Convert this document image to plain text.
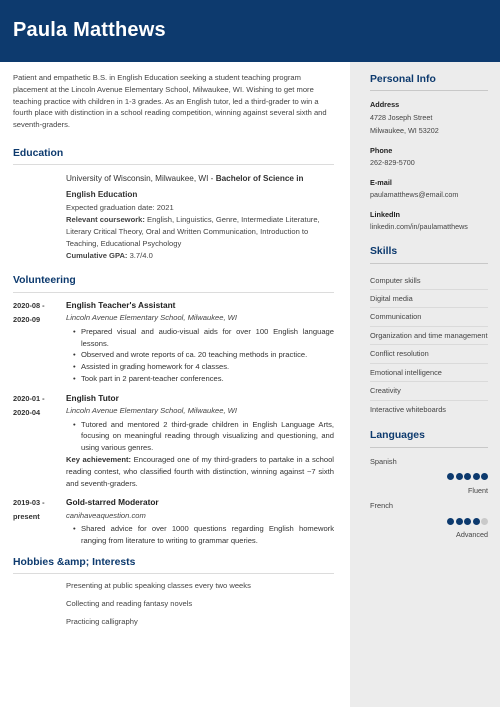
Paula Matthews

Patient and empathetic B.S. in English Education seeking a student teaching program placement at the Lincoln Avenue Elementary School, Milwaukee, WI. Wishing to get more teaching practice with children in 1-3 grades. As an English tutor, led a third-grader to win a fourth place with distinction in a school reading competition, winning against several sixth and seventh-graders.

Education
University of Wisconsin, Milwaukee, WI - Bachelor of Science in English Education

Expected graduation date: 2021

Relevant coursework: English, Linguistics, Genre, Intermediate Literature, Literary Critical Theory, Oral and Written Communication, Introduction to Teaching, Educational Psychology

Cumulative GPA: 3.7/4.0

Volunteering
2020-08 -
2020-09
English Teacher's Assistant
Lincoln Avenue Elementary School, Milwaukee, WI
• Prepared visual and audio-visual aids for over 100 English language lessons.
• Observed and wrote reports of ca. 20 teaching methods in practice.
• Assisted in grading homework for 4 classes.
• Took part in 2 parent-teacher conferences.
2020-01 -
2020-04
English Tutor
Lincoln Avenue Elementary School, Milwaukee, WI
• Tutored and mentored 2 third-grade children in English Language Arts, focusing on meaningful reading through visualizing and questioning, and using various genres.

Key achievement: Encouraged one of my third-graders to partake in a school reading contest, who classified fourth with distinction, winning against ~7 sixth and seventh-graders.

2019-03 -
present
Gold-starred Moderator
canihaveaquestion.com
• Shared advice for over 1000 questions regarding English homework ranging from literature to writing to grammar queries.
Hobbies &amp; Interests
Presenting at public speaking classes every two weeks
Collecting and reading fantasy novels
Practicing calligraphy
Personal Info
Address
4728 Joseph Street
Milwaukee, WI 53202
Phone
262-829-5700
E-mail
paulamatthews@email.com
LinkedIn
linkedin.com/in/paulamatthews
Skills
Computer skills
Digital media
Communication
Organization and time management
Conflict resolution
Emotional intelligence
Creativity
Interactive whiteboards
Languages
Spanish
Fluent
French
Advanced
